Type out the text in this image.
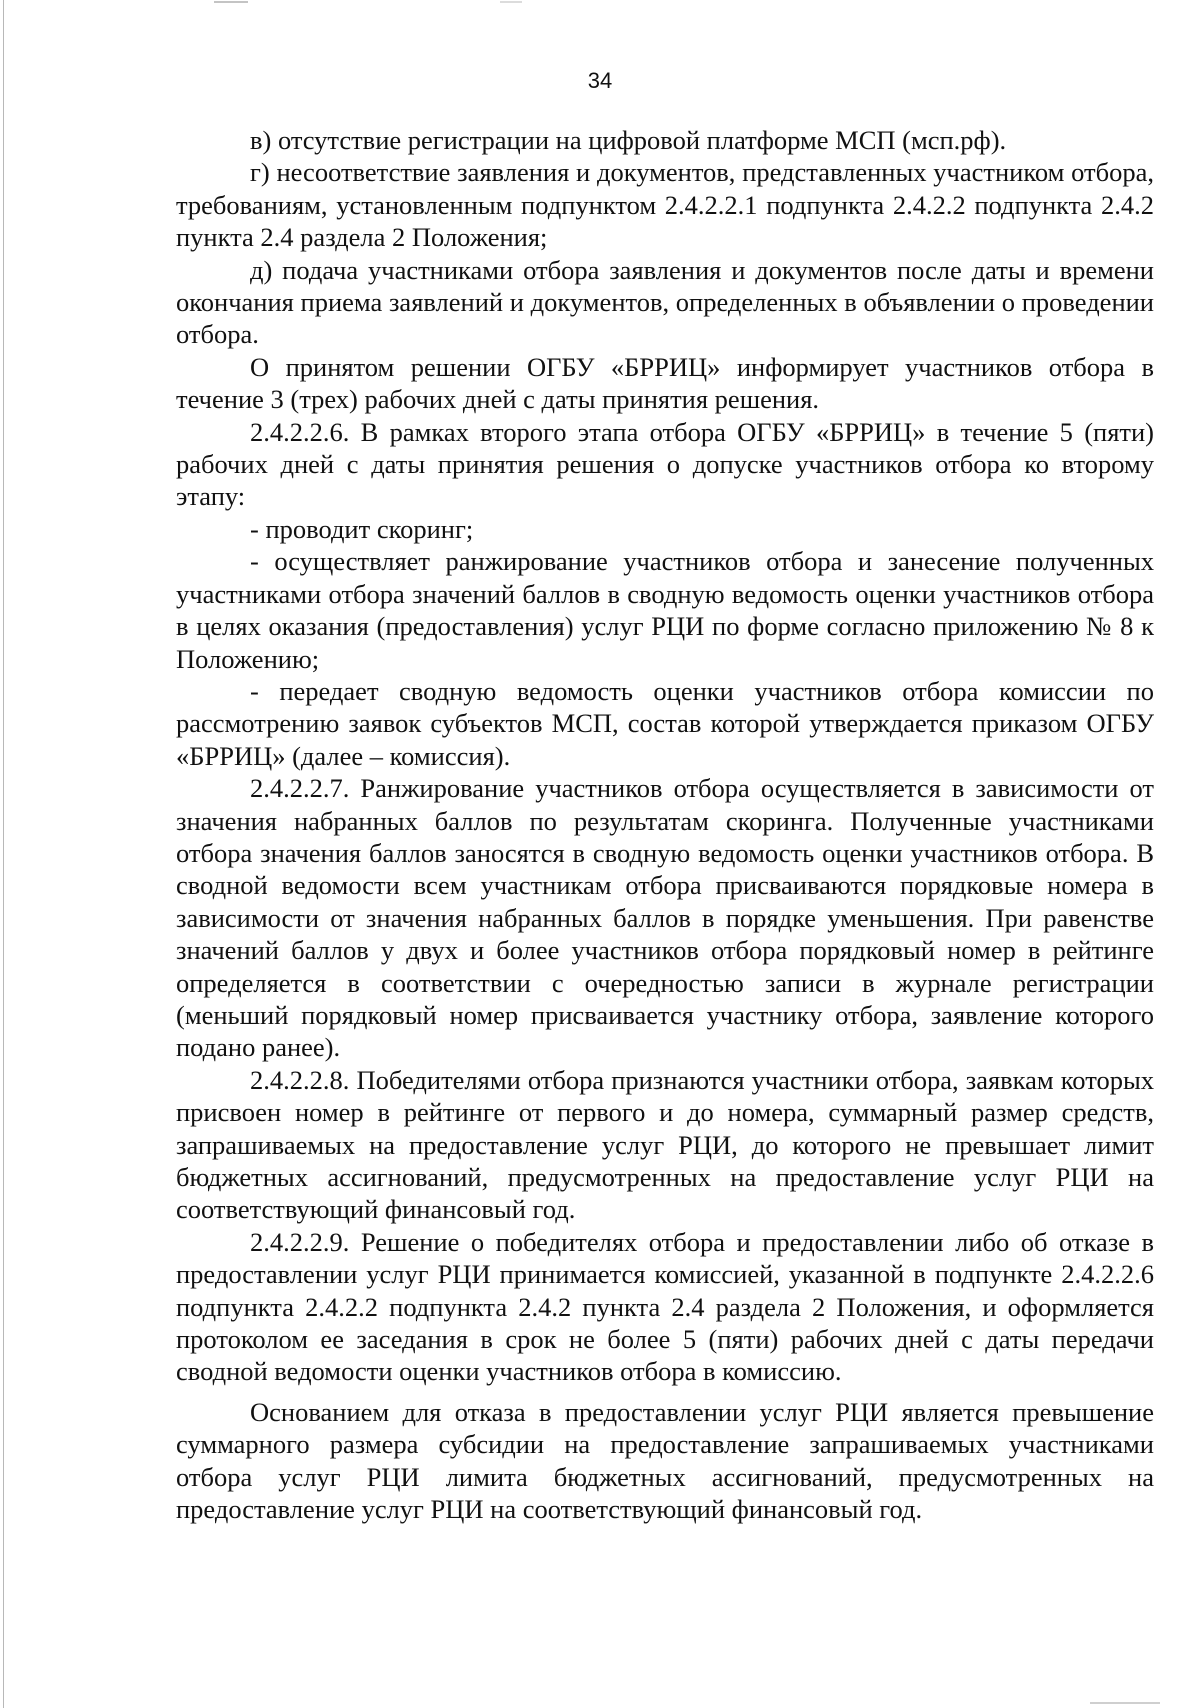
34

в) отсутствие регистрации на цифровой платформе МСП (мсп.рф).

г) несоответствие заявления и документов, представленных участником отбора, требованиям, установленным подпунктом 2.4.2.2.1 подпункта 2.4.2.2 подпункта 2.4.2 пункта 2.4 раздела 2 Положения;

д) подача участниками отбора заявления и документов после даты и времени окончания приема заявлений и документов, определенных в объявлении о проведении отбора.

О принятом решении ОГБУ «БРРИЦ» информирует участников отбора в течение 3 (трех) рабочих дней с даты принятия решения.

2.4.2.2.6. В рамках второго этапа отбора ОГБУ «БРРИЦ» в течение 5 (пяти) рабочих дней с даты принятия решения о допуске участников отбора ко второму этапу:

- проводит скоринг;

- осуществляет ранжирование участников отбора и занесение полученных участниками отбора значений баллов в сводную ведомость оценки участников отбора в целях оказания (предоставления) услуг РЦИ по форме согласно приложению № 8 к Положению;

- передает сводную ведомость оценки участников отбора комиссии по рассмотрению заявок субъектов МСП, состав которой утверждается приказом ОГБУ «БРРИЦ» (далее – комиссия).

2.4.2.2.7. Ранжирование участников отбора осуществляется в зависимости от значения набранных баллов по результатам скоринга. Полученные участниками отбора значения баллов заносятся в сводную ведомость оценки участников отбора. В сводной ведомости всем участникам отбора присваиваются порядковые номера в зависимости от значения набранных баллов в порядке уменьшения. При равенстве значений баллов у двух и более участников отбора порядковый номер в рейтинге определяется в соответствии с очередностью записи в журнале регистрации (меньший порядковый номер присваивается участнику отбора, заявление которого подано ранее).

2.4.2.2.8. Победителями отбора признаются участники отбора, заявкам которых присвоен номер в рейтинге от первого и до номера, суммарный размер средств, запрашиваемых на предоставление услуг РЦИ, до которого не превышает лимит бюджетных ассигнований, предусмотренных на предоставление услуг РЦИ на соответствующий финансовый год.

2.4.2.2.9. Решение о победителях отбора и предоставлении либо об отказе в предоставлении услуг РЦИ принимается комиссией, указанной в подпункте 2.4.2.2.6 подпункта 2.4.2.2 подпункта 2.4.2 пункта 2.4 раздела 2 Положения, и оформляется протоколом ее заседания в срок не более 5 (пяти) рабочих дней с даты передачи сводной ведомости оценки участников отбора в комиссию.

Основанием для отказа в предоставлении услуг РЦИ является превышение суммарного размера субсидии на предоставление запрашиваемых участниками отбора услуг РЦИ лимита бюджетных ассигнований, предусмотренных на предоставление услуг РЦИ на соответствующий финансовый год.
